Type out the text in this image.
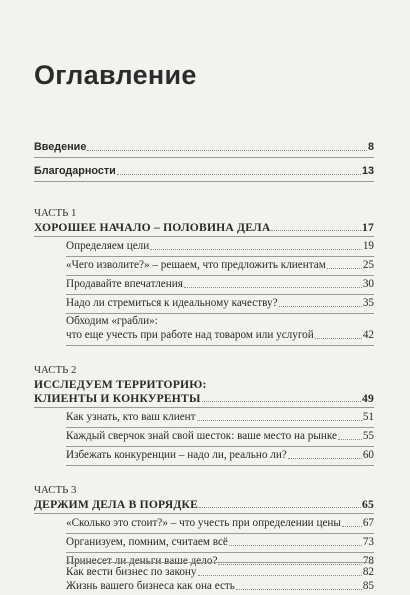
Оглавление
Введение	8
Благодарности	13
ЧАСТЬ 1
ХОРОШЕЕ НАЧАЛО – ПОЛОВИНА ДЕЛА	17
Определяем цели	19
«Чего изволите?» – решаем, что предложить клиентам	25
Продавайте впечатления	30
Надо ли стремиться к идеальному качеству?	35
Обходим «грабли»:
что еще учесть при работе над товаром или услугой	42
ЧАСТЬ 2
ИССЛЕДУЕМ ТЕРРИТОРИЮ:
КЛИЕНТЫ И КОНКУРЕНТЫ	49
Как узнать, кто ваш клиент	51
Каждый сверчок знай свой шесток: ваше место на рынке 55
Избежать конкуренции – надо ли, реально ли?	60
ЧАСТЬ 3
ДЕРЖИМ ДЕЛА В ПОРЯДКЕ	65
«Сколько это стоит?» – что учесть при определении цены 67
Организуем, помним, считаем всё	73
Принесет ли деньги ваше дело?	78
Как вести бизнес по закону	82
Жизнь вашего бизнеса как она есть	85
